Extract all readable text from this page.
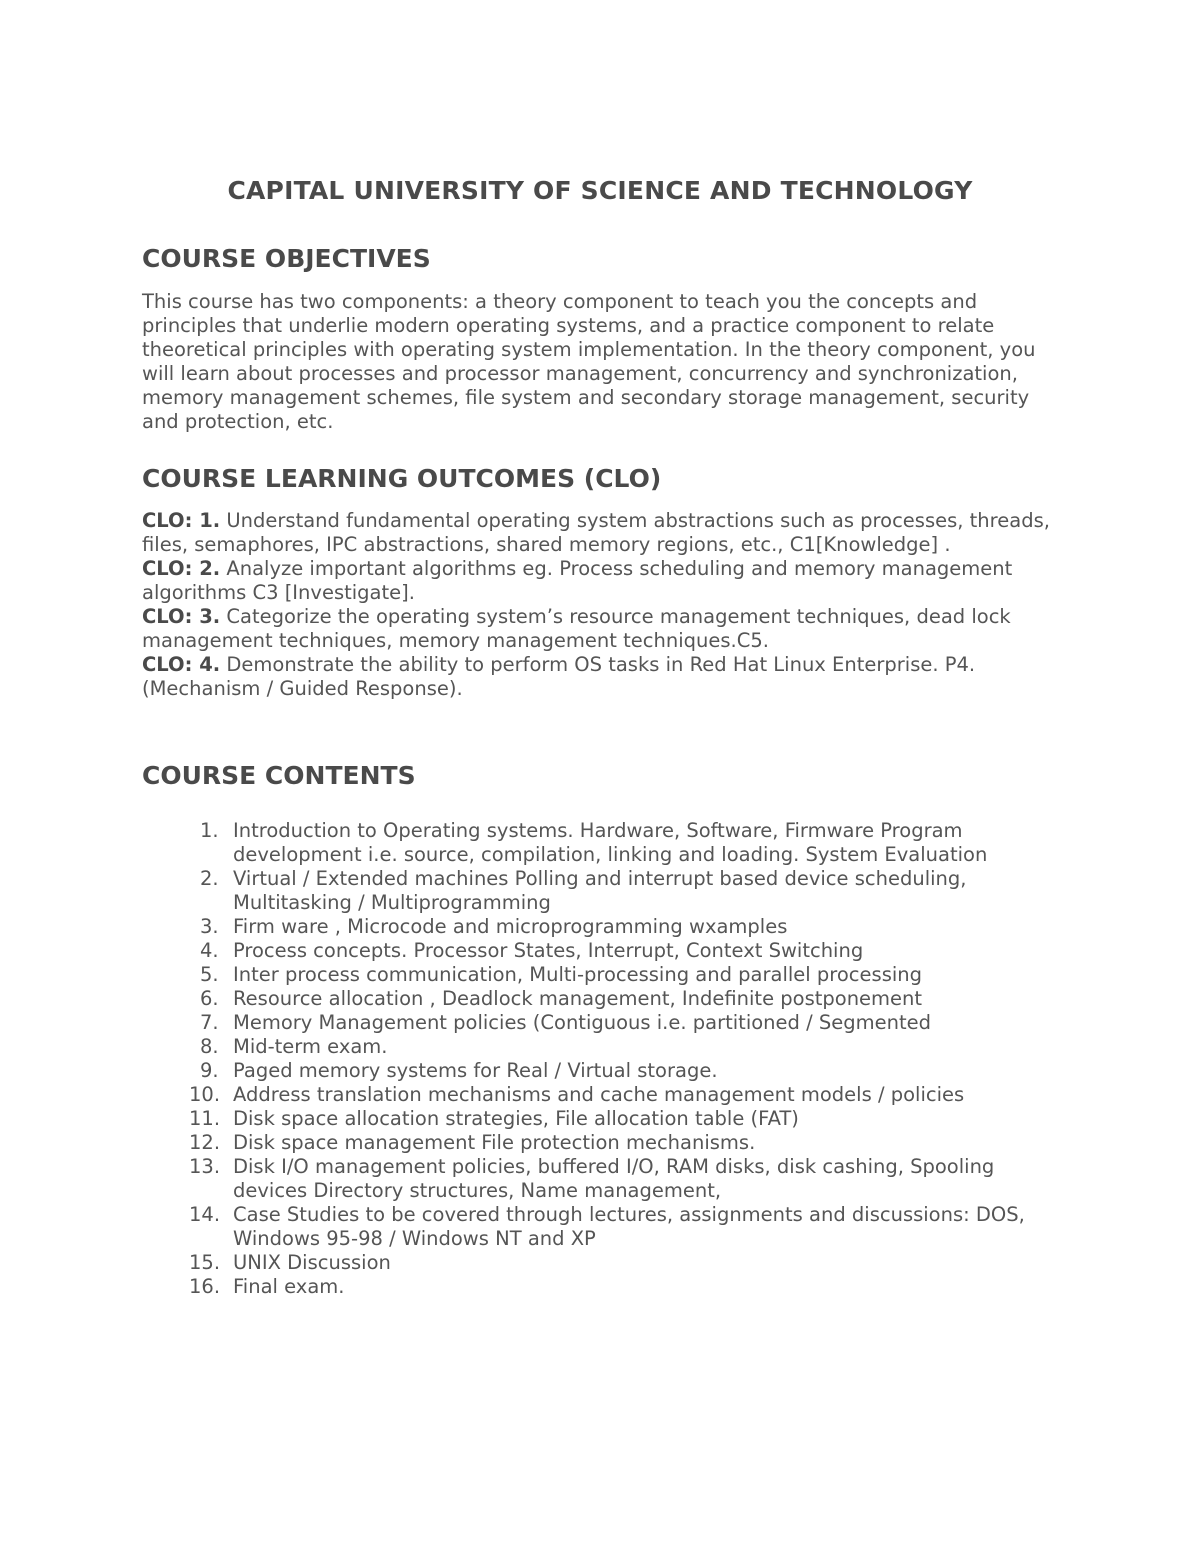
CAPITAL UNIVERSITY OF SCIENCE AND TECHNOLOGY
COURSE OBJECTIVES
This course has two components: a theory component to teach you the concepts and principles that underlie modern operating systems, and a practice component to relate theoretical principles with operating system implementation. In the theory component, you will learn about processes and processor management, concurrency and synchronization, memory management schemes, file system and secondary storage management, security and protection, etc.
COURSE LEARNING OUTCOMES (CLO)
CLO: 1. Understand fundamental operating system abstractions such as processes, threads, files, semaphores, IPC abstractions, shared memory regions, etc., C1[Knowledge] .
CLO: 2. Analyze important algorithms eg. Process scheduling and memory management algorithms C3 [Investigate].
CLO: 3. Categorize the operating system’s resource management techniques, dead lock management techniques, memory management techniques.C5.
CLO: 4. Demonstrate the ability to perform OS tasks in Red Hat Linux Enterprise. P4. (Mechanism / Guided Response).
COURSE CONTENTS
1. Introduction to Operating systems. Hardware, Software, Firmware Program development i.e. source, compilation, linking and loading. System Evaluation
2. Virtual / Extended machines Polling and interrupt based device scheduling, Multitasking / Multiprogramming
3. Firm ware , Microcode and microprogramming wxamples
4. Process concepts. Processor States, Interrupt, Context Switching
5. Inter process communication, Multi-processing and parallel processing
6. Resource allocation , Deadlock management, Indefinite postponement
7. Memory Management policies (Contiguous i.e. partitioned / Segmented
8. Mid-term exam.
9. Paged memory systems for Real / Virtual storage.
10. Address translation mechanisms and cache management models / policies
11. Disk space allocation strategies, File allocation table (FAT)
12. Disk space management File protection mechanisms.
13. Disk I/O management policies, buffered I/O, RAM disks, disk cashing, Spooling devices Directory structures, Name management,
14. Case Studies to be covered through lectures, assignments and discussions: DOS, Windows 95-98 / Windows NT and XP
15. UNIX Discussion
16. Final exam.
